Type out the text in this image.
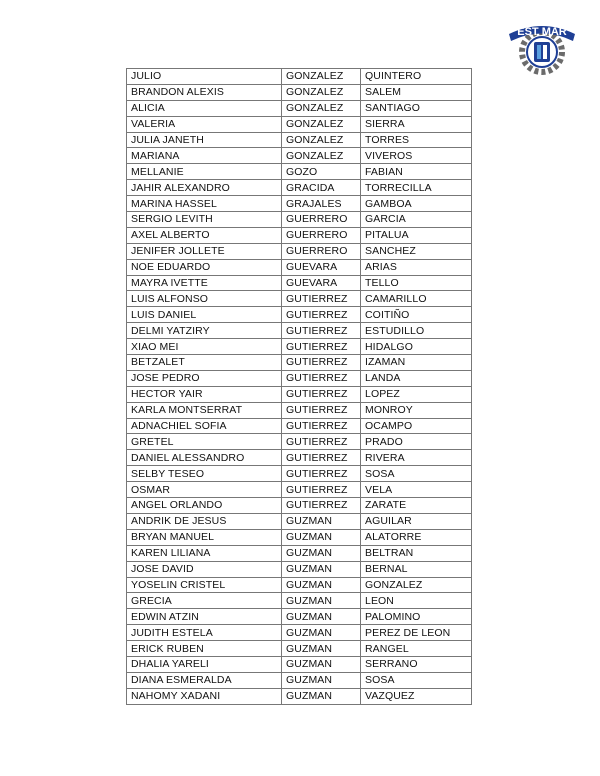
EST MAR
JULIO	GONZALEZ	QUINTERO
BRANDON ALEXIS	GONZALEZ	SALEM
ALICIA	GONZALEZ	SANTIAGO
VALERIA	GONZALEZ	SIERRA
JULIA JANETH	GONZALEZ	TORRES
MARIANA	GONZALEZ	VIVEROS
MELLANIE	GOZO	FABIAN
JAHIR ALEXANDRO	GRACIDA	TORRECILLA
MARINA HASSEL	GRAJALES	GAMBOA
SERGIO LEVITH	GUERRERO	GARCIA
AXEL ALBERTO	GUERRERO	PITALUA
JENIFER JOLLETE	GUERRERO	SANCHEZ
NOE EDUARDO	GUEVARA	ARIAS
MAYRA IVETTE	GUEVARA	TELLO
LUIS ALFONSO	GUTIERREZ	CAMARILLO
LUIS DANIEL	GUTIERREZ	COITIÑO
DELMI YATZIRY	GUTIERREZ	ESTUDILLO
XIAO MEI	GUTIERREZ	HIDALGO
BETZALET	GUTIERREZ	IZAMAN
JOSE PEDRO	GUTIERREZ	LANDA
HECTOR YAIR	GUTIERREZ	LOPEZ
KARLA MONTSERRAT	GUTIERREZ	MONROY
ADNACHIEL SOFIA	GUTIERREZ	OCAMPO
GRETEL	GUTIERREZ	PRADO
DANIEL ALESSANDRO	GUTIERREZ	RIVERA
SELBY TESEO	GUTIERREZ	SOSA
OSMAR	GUTIERREZ	VELA
ANGEL ORLANDO	GUTIERREZ	ZARATE
ANDRIK DE JESUS	GUZMAN	AGUILAR
BRYAN MANUEL	GUZMAN	ALATORRE
KAREN LILIANA	GUZMAN	BELTRAN
JOSE DAVID	GUZMAN	BERNAL
YOSELIN CRISTEL	GUZMAN	GONZALEZ
GRECIA	GUZMAN	LEON
EDWIN ATZIN	GUZMAN	PALOMINO
JUDITH ESTELA	GUZMAN	PEREZ DE LEON
ERICK RUBEN	GUZMAN	RANGEL
DHALIA YARELI	GUZMAN	SERRANO
DIANA ESMERALDA	GUZMAN	SOSA
NAHOMY XADANI	GUZMAN	VAZQUEZ
